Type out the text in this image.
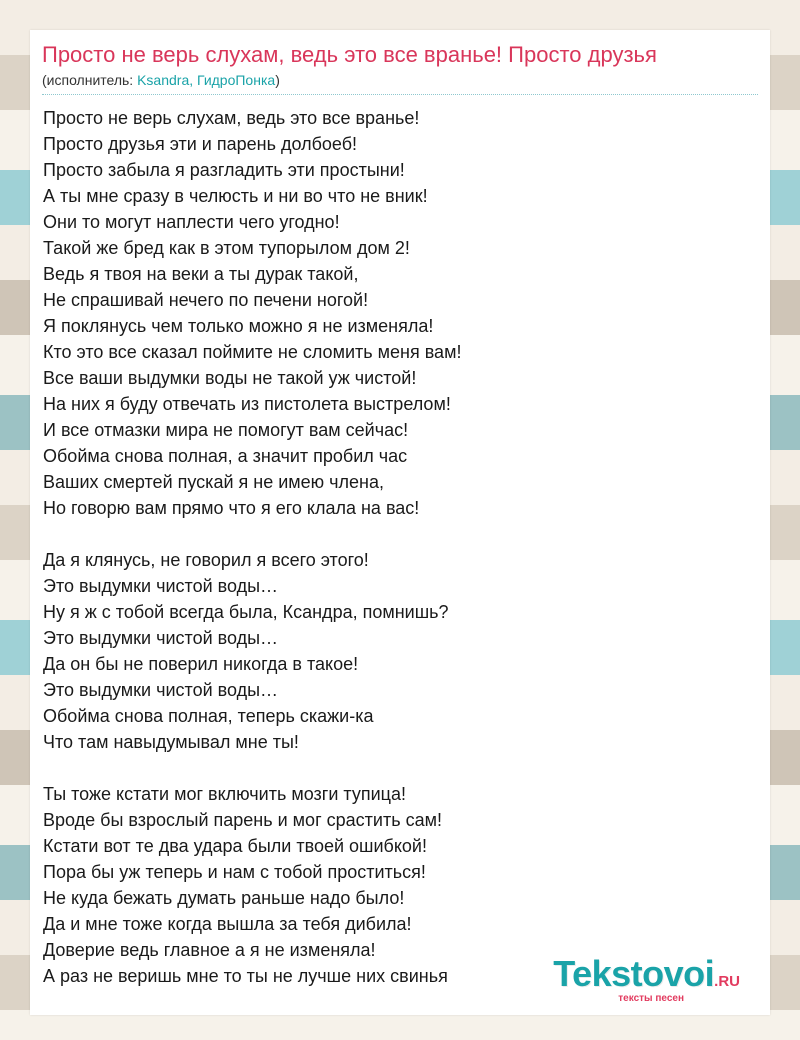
Просто не верь слухам, ведь это все вранье! Просто друзья
(исполнитель: Ksandra, ГидроПонка)
Просто не верь слухам, ведь это все вранье!
Просто друзья эти и парень долбоеб!
Просто забыла я разгладить эти простыни!
А ты мне сразу в челюсть и ни во что не вник!
Они то могут наплести чего угодно!
Такой же бред как в этом тупорылом дом 2!
Ведь я твоя на веки а ты дурак такой,
Не спрашивай нечего по печени ногой!
Я поклянусь чем только можно я не изменяла!
Кто это все сказал поймите не сломить меня вам!
Все ваши выдумки воды не такой уж чистой!
На них я буду отвечать из пистолета выстрелом!
И все отмазки мира не помогут вам сейчас!
Обойма снова полная, а значит пробил час
Ваших смертей пускай я не имею члена,
Но говорю вам прямо что я его клала на вас!
Да я клянусь, не говорил я всего этого!
Это выдумки чистой воды…
Ну я ж с тобой всегда была, Ксандра, помнишь?
Это выдумки чистой воды…
Да он бы не поверил никогда в такое!
Это выдумки чистой воды…
Обойма снова полная, теперь скажи-ка
Что там навыдумывал мне ты!
Ты тоже кстати мог включить мозги тупица!
Вроде бы взрослый парень и мог срастить сам!
Кстати вот те два удара были твоей ошибкой!
Пора бы уж теперь и нам с тобой проститься!
Не куда бежать думать раньше надо было!
Да и мне тоже когда вышла за тебя дибила!
Доверие ведь главное а я не изменяла!
А раз не веришь мне то ты не лучше них свинья	Tekstovoi.RU
тексты песен
